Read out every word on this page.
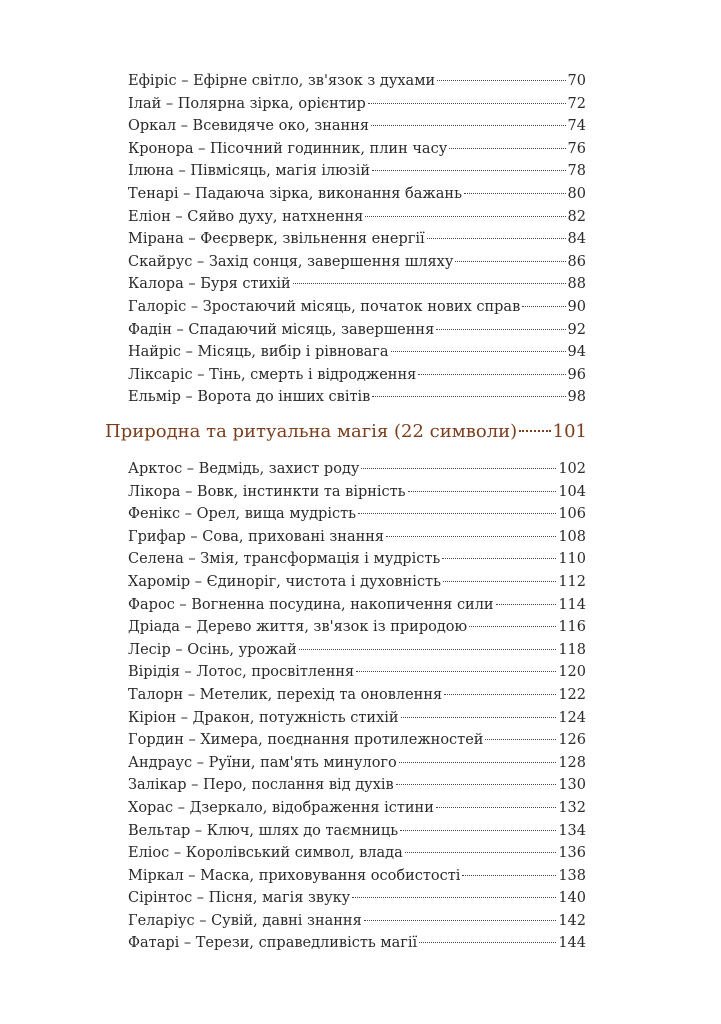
Ефіріс – Ефірне світло, зв'язок з духами	70
Ілай – Полярна зірка, орієнтир	72
Оркал – Всевидяче око, знання	74
Кронора – Пісочний годинник, плин часу	76
Ілюна – Півмісяць, магія ілюзій	78
Тенарі – Падаюча зірка, виконання бажань	80
Еліон – Сяйво духу, натхнення	82
Мірана – Феєрверк, звільнення енергії	84
Скайрус – Захід сонця, завершення шляху	86
Калора – Буря стихій	88
Галоріс – Зростаючий місяць, початок нових справ	90
Фадін – Спадаючий місяць, завершення	92
Найріс – Місяць, вибір і рівновага	94
Ліксаріс – Тінь, смерть і відродження	96
Ельмір – Ворота до інших світів	98
Природна та ритуальна магія (22 символи) 101
Арктос – Ведмідь, захист роду	102
Лікора – Вовк, інстинкти та вірність	104
Фенікс – Орел, вища мудрість	106
Грифар – Сова, приховані знання	108
Селена – Змія, трансформація і мудрість	110
Харомір – Єдиноріг, чистота і духовність	112
Фарос – Вогненна посудина, накопичення сили	114
Дріада – Дерево життя, зв'язок із природою	116
Лесір – Осінь, урожай	118
Вірідія – Лотос, просвітлення	120
Талорн – Метелик, перехід та оновлення	122
Кіріон – Дракон, потужність стихій	124
Гордин – Химера, поєднання протилежностей	126
Андраус – Руїни, пам'ять минулого	128
Залікар – Перо, послання від духів	130
Хорас – Дзеркало, відображення істини	132
Вельтар – Ключ, шлях до таємниць	134
Еліос – Королівський символ, влада	136
Міркал – Маска, приховування особистості	138
Сірінтос – Пісня, магія звуку	140
Геларіус – Сувій, давні знання	142
Фатарі – Терези, справедливість магії	144
